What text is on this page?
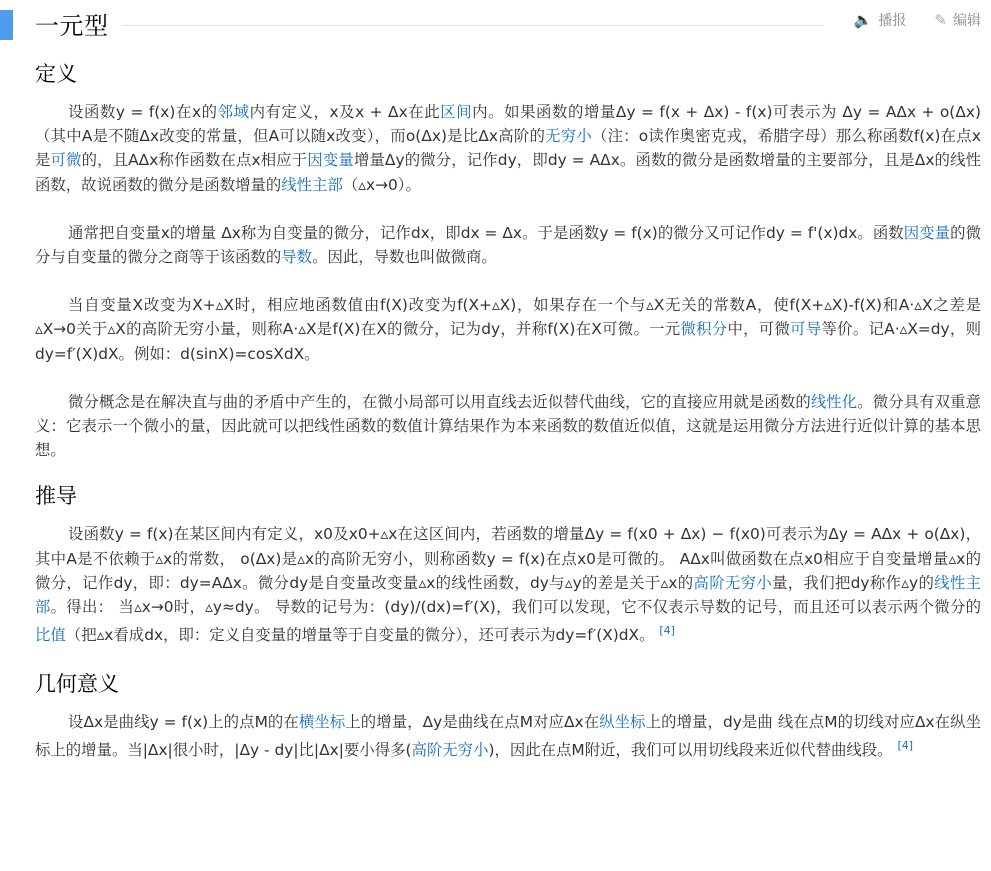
一元型	🔈 播报 ✎ 编辑
定义

设函数y = f(x)在x的邻域内有定义，x及x + Δx在此区间内。如果函数的增量Δy = f(x + Δx) - f(x)可表示为 Δy = AΔx + o(Δx)（其中A是不随Δx改变的常量，但A可以随x改变），而o(Δx)是比Δx高阶的无穷小（注：o读作奥密克戎，希腊字母）那么称函数f(x)在点x是可微的，且AΔx称作函数在点x相应于因变量增量Δy的微分，记作dy，即dy = AΔx。函数的微分是函数增量的主要部分，且是Δx的线性函数，故说函数的微分是函数增量的线性主部（▵x→0）。

通常把自变量x的增量 Δx称为自变量的微分，记作dx，即dx = Δx。于是函数y = f(x)的微分又可记作dy = f'(x)dx。函数因变量的微分与自变量的微分之商等于该函数的导数。因此，导数也叫做微商。

当自变量X改变为X+▵X时，相应地函数值由f(X)改变为f(X+▵X)，如果存在一个与▵X无关的常数A，使f(X+▵X)-f(X)和A·▵X之差是▵X→0关于▵X的高阶无穷小量，则称A·▵X是f(X)在X的微分，记为dy，并称f(X)在X可微。一元微积分中，可微可导等价。记A·▵X=dy，则dy=f′(X)dX。例如：d(sinX)=cosXdX。

微分概念是在解决直与曲的矛盾中产生的，在微小局部可以用直线去近似替代曲线，它的直接应用就是函数的线性化。微分具有双重意义：它表示一个微小的量，因此就可以把线性函数的数值计算结果作为本来函数的数值近似值，这就是运用微分方法进行近似计算的基本思想。

推导

设函数y = f(x)在某区间内有定义，x0及x0+▵x在这区间内，若函数的增量Δy = f(x0 + Δx) − f(x0)可表示为Δy = AΔx + o(Δx)，其中A是不依赖于▵x的常数， o(Δx)是▵x的高阶无穷小，则称函数y = f(x)在点x0是可微的。 AΔx叫做函数在点x0相应于自变量增量▵x的微分，记作dy，即：dy=AΔx。微分dy是自变量改变量▵x的线性函数，dy与▵y的差是关于▵x的高阶无穷小量，我们把dy称作▵y的线性主部。得出： 当▵x→0时，▵y≈dy。 导数的记号为：(dy)/(dx)=f′(X)，我们可以发现，它不仅表示导数的记号，而且还可以表示两个微分的比值（把▵x看成dx，即：定义自变量的增量等于自变量的微分），还可表示为dy=f′(X)dX。 [4]

几何意义

设Δx是曲线y = f(x)上的点M的在横坐标上的增量，Δy是曲线在点M对应Δx在纵坐标上的增量，dy是曲 线在点M的切线对应Δx在纵坐标上的增量。当|Δx|很小时，|Δy - dy|比|Δx|要小得多(高阶无穷小)，因此在点M附近，我们可以用切线段来近似代替曲线段。 [4]
